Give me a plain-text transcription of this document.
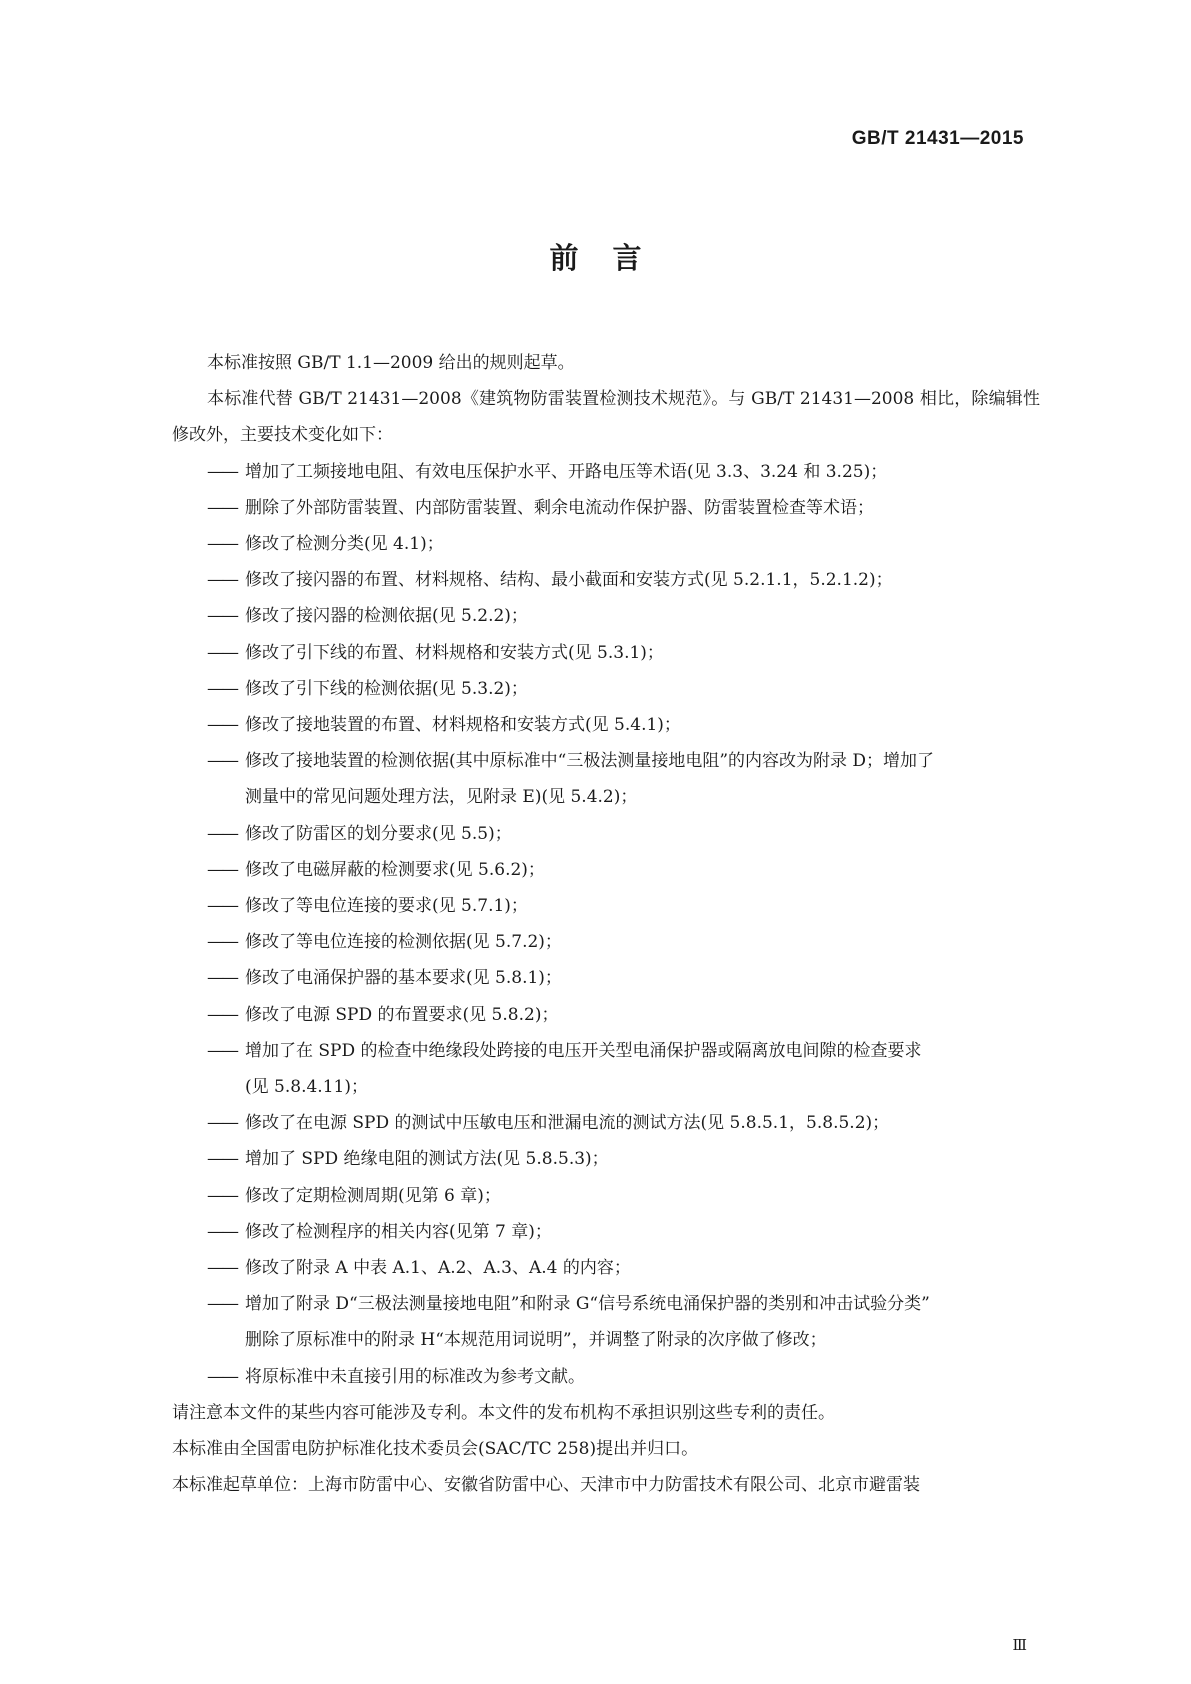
GB/T 21431—2015
前言

本标准按照 GB/T 1.1—2009 给出的规则起草。

本标准代替 GB/T 21431—2008《建筑物防雷装置检测技术规范》。与 GB/T 21431—2008 相比，除编辑性修改外，主要技术变化如下：

—— 增加了工频接地电阻、有效电压保护水平、开路电压等术语(见 3.3、3.24 和 3.25)；
—— 删除了外部防雷装置、内部防雷装置、剩余电流动作保护器、防雷装置检查等术语；
—— 修改了检测分类(见 4.1)；
—— 修改了接闪器的布置、材料规格、结构、最小截面和安装方式(见 5.2.1.1，5.2.1.2)；
—— 修改了接闪器的检测依据(见 5.2.2)；
—— 修改了引下线的布置、材料规格和安装方式(见 5.3.1)；
—— 修改了引下线的检测依据(见 5.3.2)；
—— 修改了接地装置的布置、材料规格和安装方式(见 5.4.1)；
—— 修改了接地装置的检测依据(其中原标准中“三极法测量接地电阻”的内容改为附录 D；增加了
测量中的常见问题处理方法，见附录 E)(见 5.4.2)；
—— 修改了防雷区的划分要求(见 5.5)；
—— 修改了电磁屏蔽的检测要求(见 5.6.2)；
—— 修改了等电位连接的要求(见 5.7.1)；
—— 修改了等电位连接的检测依据(见 5.7.2)；
—— 修改了电涌保护器的基本要求(见 5.8.1)；
—— 修改了电源 SPD 的布置要求(见 5.8.2)；
—— 增加了在 SPD 的检查中绝缘段处跨接的电压开关型电涌保护器或隔离放电间隙的检查要求
(见 5.8.4.11)；
—— 修改了在电源 SPD 的测试中压敏电压和泄漏电流的测试方法(见 5.8.5.1，5.8.5.2)；
—— 增加了 SPD 绝缘电阻的测试方法(见 5.8.5.3)；
—— 修改了定期检测周期(见第 6 章)；
—— 修改了检测程序的相关内容(见第 7 章)；
—— 修改了附录 A 中表 A.1、A.2、A.3、A.4 的内容；
—— 增加了附录 D“三极法测量接地电阻”和附录 G“信号系统电涌保护器的类别和冲击试验分类”
删除了原标准中的附录 H“本规范用词说明”，并调整了附录的次序做了修改；
—— 将原标准中未直接引用的标准改为参考文献。

请注意本文件的某些内容可能涉及专利。本文件的发布机构不承担识别这些专利的责任。

本标准由全国雷电防护标准化技术委员会(SAC/TC 258)提出并归口。

本标准起草单位：上海市防雷中心、安徽省防雷中心、天津市中力防雷技术有限公司、北京市避雷装

Ⅲ
